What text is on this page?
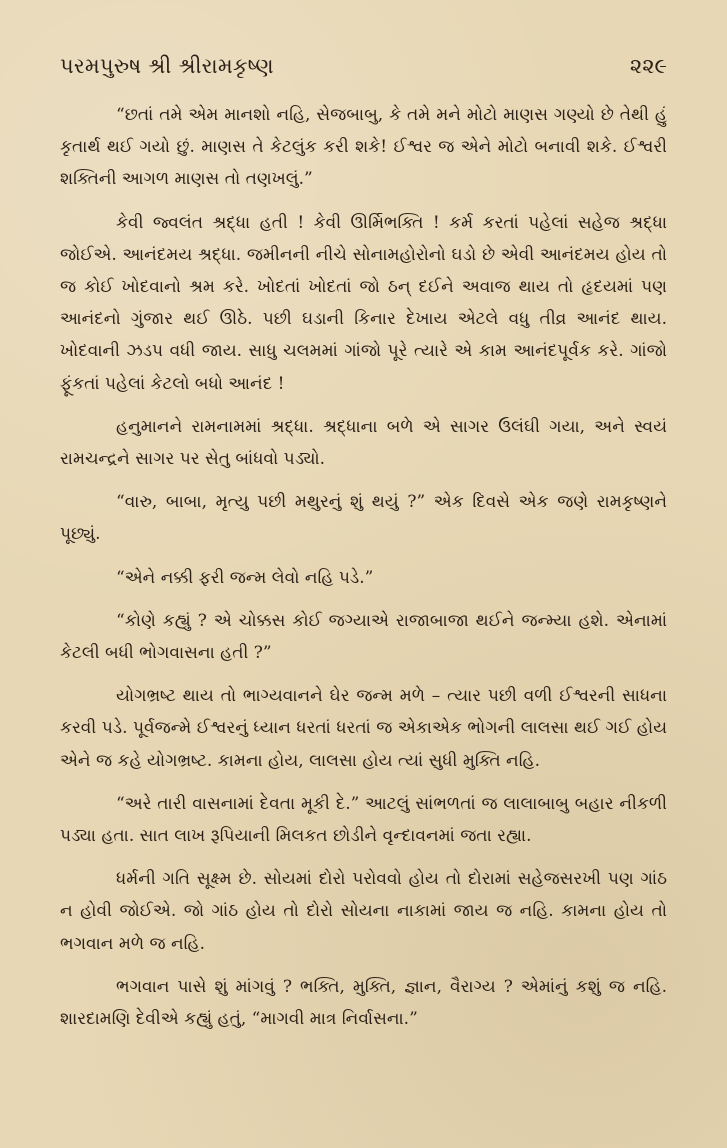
પરમપુરુષ શ્રી શ્રીરામકૃષ્ણ	૨૨૯

“છતાં તમે એમ માનશો નહિ, સેજબાબુ, કે તમે મને મોટો માણસ ગણ્યો છે તેથી હું કૃતાર્થ થઈ ગયો છું. માણસ તે કેટલુંક કરી શકે! ઈશ્વર જ એને મોટો બનાવી શકે. ઈશ્વરી શક્તિની આગળ માણસ તો તણખલું.”

કેવી જ્વલંત શ્રદ્ધા હતી ! કેવી ઊર્મિભક્તિ ! કર્મ કરતાં પહેલાં સહેજ શ્રદ્ધા જોઈએ. આનંદમય શ્રદ્ધા. જમીનની નીચે સોનામહોરોનો ઘડો છે એવી આનંદમય હોય તો જ કોઈ ખોદવાનો શ્રમ કરે. ખોદતાં ખોદતાં જો ઠન્ દઈને અવાજ થાય તો હૃદયમાં પણ આનંદનો ગુંજાર થઈ ઊઠે. પછી ઘડાની કિનાર દેખાય એટલે વધુ તીવ્ર આનંદ થાય. ખોદવાની ઝડપ વધી જાય. સાધુ ચલમમાં ગાંજો પૂરે ત્યારે એ કામ આનંદપૂર્વક કરે. ગાંજો ફૂંકતાં પહેલાં કેટલો બધો આનંદ !

હનુમાનને રામનામમાં શ્રદ્ધા. શ્રદ્ધાના બળે એ સાગર ઉલંઘી ગયા, અને સ્વયં રામચન્દ્રને સાગર પર સેતુ બાંધવો પડ્યો.

“વારુ, બાબા, મૃત્યુ પછી મથુરનું શું થયું ?” એક દિવસે એક જણે રામકૃષ્ણને પૂછ્યું.

“એને નક્કી ફરી જન્મ લેવો નહિ પડે.”

“કોણે કહ્યું ? એ ચોક્કસ કોઈ જગ્યાએ રાજાબાજા થઈને જન્મ્યા હશે. એનામાં કેટલી બધી ભોગવાસના હતી ?”

યોગભ્રષ્ટ થાય તો ભાગ્યવાનને ઘેર જન્મ મળે – ત્યાર પછી વળી ઈશ્વરની સાધના કરવી પડે. પૂર્વજન્મે ઈશ્વરનું ધ્યાન ધરતાં ધરતાં જ એકાએક ભોગની લાલસા થઈ ગઈ હોય એને જ કહે યોગભ્રષ્ટ. કામના હોય, લાલસા હોય ત્યાં સુધી મુક્તિ નહિ.

“અરે તારી વાસનામાં દેવતા મૂકી દે.” આટલું સાંભળતાં જ લાલાબાબુ બહાર નીકળી પડ્યા હતા. સાત લાખ રૂપિયાની મિલકત છોડીને વૃન્દાવનમાં જતા રહ્યા.

ધર્મની ગતિ સૂક્ષ્મ છે. સોયમાં દોરો પરોવવો હોય તો દોરામાં સહેજસરખી પણ ગાંઠ ન હોવી જોઈએ. જો ગાંઠ હોય તો દોરો સોયના નાકામાં જાય જ નહિ. કામના હોય તો ભગવાન મળે જ નહિ.

ભગવાન પાસે શું માંગવું ? ભક્તિ, મુક્તિ, જ્ઞાન, વૈરાગ્ય ? એમાંનું કશું જ નહિ. શારદામણિ દેવીએ કહ્યું હતું, “માગવી માત્ર નિર્વાસના.”
